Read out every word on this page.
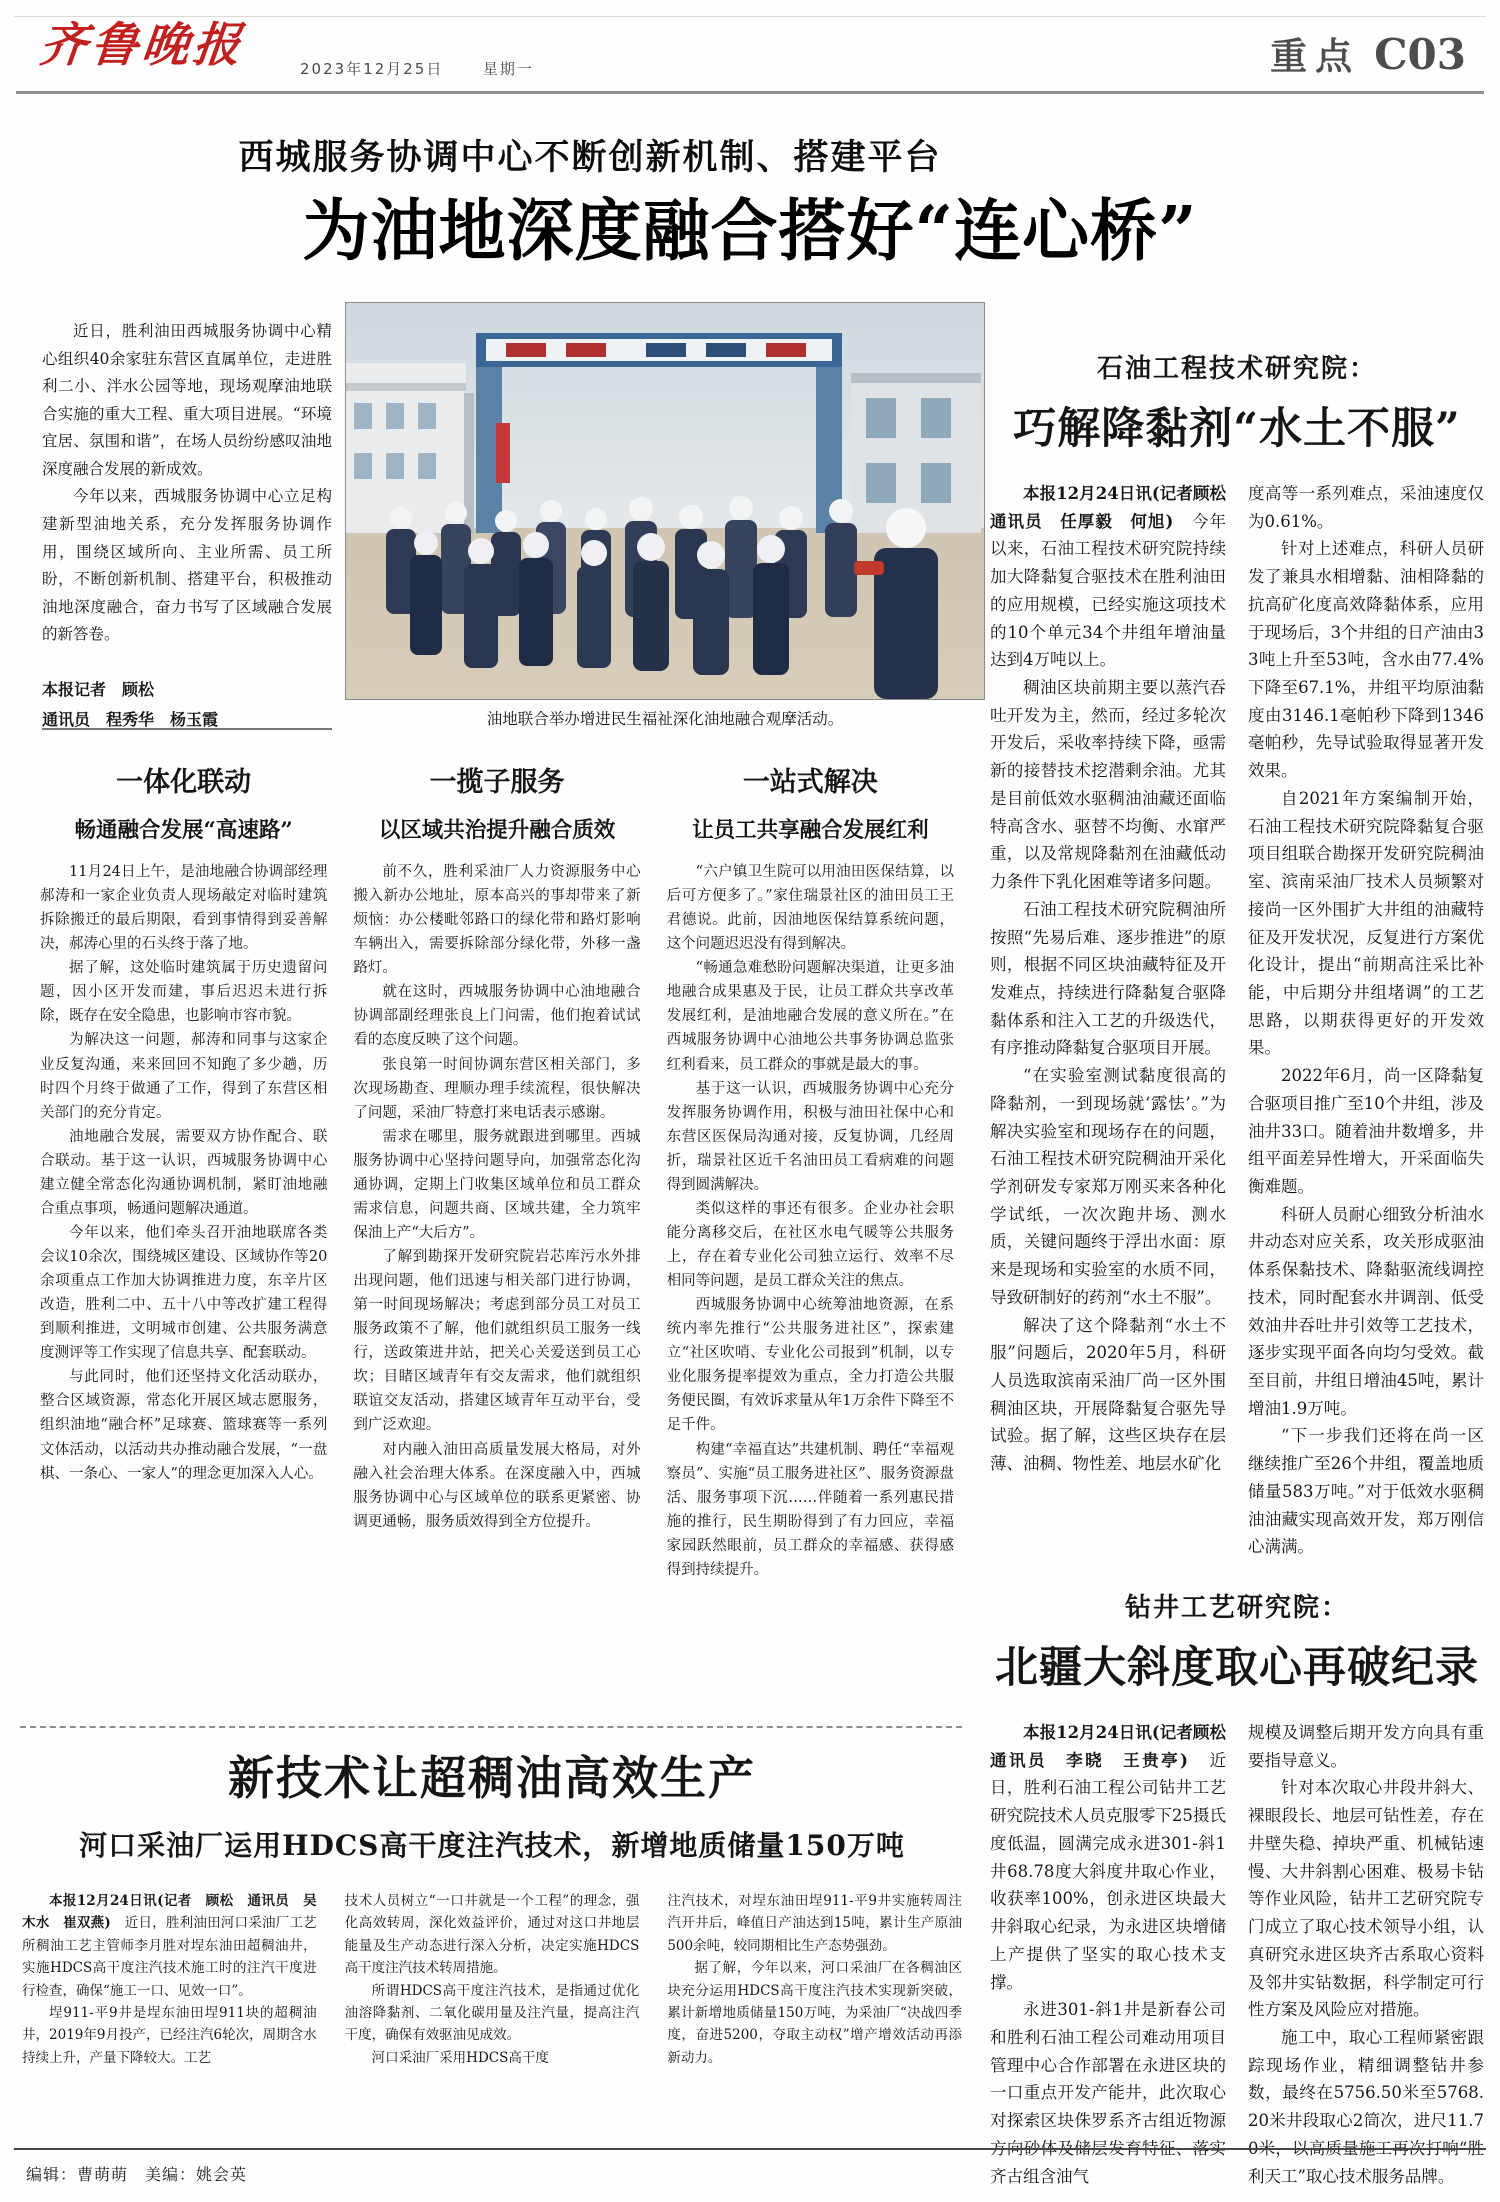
齐鲁晚报	2023年12月25日	星期一	重点 C03
西城服务协调中心不断创新机制、搭建平台
为油地深度融合搭好“连心桥”

近日，胜利油田西城服务协调中心精心组织40余家驻东营区直属单位，走进胜利二小、泮水公园等地，现场观摩油地联合实施的重大工程、重大项目进展。“环境宜居、氛围和谐”，在场人员纷纷感叹油地深度融合发展的新成效。

今年以来，西城服务协调中心立足构建新型油地关系，充分发挥服务协调作用，围绕区域所向、主业所需、员工所盼，不断创新机制、搭建平台，积极推动油地深度融合，奋力书写了区域融合发展的新答卷。

本报记者　顾松
通讯员　程秀华　杨玉霞	油地联合举办增进民生福祉深化油地融合观摩活动。
一体化联动
畅通融合发展“高速路”

11月24日上午，是油地融合协调部经理郝涛和一家企业负责人现场敲定对临时建筑拆除搬迁的最后期限，看到事情得到妥善解决，郝涛心里的石头终于落了地。

据了解，这处临时建筑属于历史遗留问题，因小区开发而建，事后迟迟未进行拆除，既存在安全隐患，也影响市容市貌。

为解决这一问题，郝涛和同事与这家企业反复沟通，来来回回不知跑了多少趟，历时四个月终于做通了工作，得到了东营区相关部门的充分肯定。

油地融合发展，需要双方协作配合、联合联动。基于这一认识，西城服务协调中心建立健全常态化沟通协调机制，紧盯油地融合重点事项，畅通问题解决通道。

今年以来，他们牵头召开油地联席各类会议10余次，围绕城区建设、区域协作等20余项重点工作加大协调推进力度，东辛片区改造，胜利二中、五十八中等改扩建工程得到顺利推进，文明城市创建、公共服务满意度测评等工作实现了信息共享、配套联动。

与此同时，他们还坚持文化活动联办，整合区域资源，常态化开展区域志愿服务，组织油地“融合杯”足球赛、篮球赛等一系列文体活动，以活动共办推动融合发展，“一盘棋、一条心、一家人”的理念更加深入人心。

一揽子服务
以区域共治提升融合质效

前不久，胜利采油厂人力资源服务中心搬入新办公地址，原本高兴的事却带来了新烦恼：办公楼毗邻路口的绿化带和路灯影响车辆出入，需要拆除部分绿化带，外移一盏路灯。

就在这时，西城服务协调中心油地融合协调部副经理张良上门问需，他们抱着试试看的态度反映了这个问题。

张良第一时间协调东营区相关部门，多次现场勘查、理顺办理手续流程，很快解决了问题，采油厂特意打来电话表示感谢。

需求在哪里，服务就跟进到哪里。西城服务协调中心坚持问题导向，加强常态化沟通协调，定期上门收集区域单位和员工群众需求信息，问题共商、区域共建，全力筑牢保油上产“大后方”。

了解到勘探开发研究院岩芯库污水外排出现问题，他们迅速与相关部门进行协调，第一时间现场解决；考虑到部分员工对员工服务政策不了解，他们就组织员工服务一线行，送政策进井站，把关心关爱送到员工心坎；目睹区域青年有交友需求，他们就组织联谊交友活动，搭建区域青年互动平台，受到广泛欢迎。

对内融入油田高质量发展大格局，对外融入社会治理大体系。在深度融入中，西城服务协调中心与区域单位的联系更紧密、协调更通畅，服务质效得到全方位提升。

一站式解决
让员工共享融合发展红利

“六户镇卫生院可以用油田医保结算，以后可方便多了。”家住瑞景社区的油田员工王君德说。此前，因油地医保结算系统问题，这个问题迟迟没有得到解决。

“畅通急难愁盼问题解决渠道，让更多油地融合成果惠及于民，让员工群众共享改革发展红利，是油地融合发展的意义所在。”在西城服务协调中心油地公共事务协调总监张红利看来，员工群众的事就是最大的事。

基于这一认识，西城服务协调中心充分发挥服务协调作用，积极与油田社保中心和东营区医保局沟通对接，反复协调，几经周折，瑞景社区近千名油田员工看病难的问题得到圆满解决。

类似这样的事还有很多。企业办社会职能分离移交后，在社区水电气暖等公共服务上，存在着专业化公司独立运行、效率不尽相同等问题，是员工群众关注的焦点。

西城服务协调中心统筹油地资源，在系统内率先推行“公共服务进社区”，探索建立“社区吹哨、专业化公司报到”机制，以专业化服务提率提效为重点，全力打造公共服务便民圈，有效诉求量从年1万余件下降至不足千件。

构建“幸福直达”共建机制、聘任“幸福观察员”、实施“员工服务进社区”、服务资源盘活、服务事项下沉……伴随着一系列惠民措施的推行，民生期盼得到了有力回应，幸福家园跃然眼前，员工群众的幸福感、获得感得到持续提升。

石油工程技术研究院：
巧解降黏剂“水土不服”

本报12月24日讯(记者顾松　通讯员　任厚毅　何旭)　今年以来，石油工程技术研究院持续加大降黏复合驱技术在胜利油田的应用规模，已经实施这项技术的10个单元34个井组年增油量达到4万吨以上。

稠油区块前期主要以蒸汽吞吐开发为主，然而，经过多轮次开发后，采收率持续下降，亟需新的接替技术挖潜剩余油。尤其是目前低效水驱稠油油藏还面临特高含水、驱替不均衡、水窜严重，以及常规降黏剂在油藏低动力条件下乳化困难等诸多问题。

石油工程技术研究院稠油所按照“先易后难、逐步推进”的原则，根据不同区块油藏特征及开发难点，持续进行降黏复合驱降黏体系和注入工艺的升级迭代，有序推动降黏复合驱项目开展。

“在实验室测试黏度很高的降黏剂，一到现场就‘露怯’。”为解决实验室和现场存在的问题，石油工程技术研究院稠油开采化学剂研发专家郑万刚买来各种化学试纸，一次次跑井场、测水质，关键问题终于浮出水面：原来是现场和实验室的水质不同，导致研制好的药剂“水土不服”。

解决了这个降黏剂“水土不服”问题后，2020年5月，科研人员选取滨南采油厂尚一区外围稠油区块，开展降黏复合驱先导试验。据了解，这些区块存在层薄、油稠、物性差、地层水矿化

度高等一系列难点，采油速度仅为0.61%。

针对上述难点，科研人员研发了兼具水相增黏、油相降黏的抗高矿化度高效降黏体系，应用于现场后，3个井组的日产油由33吨上升至53吨，含水由77.4%下降至67.1%，井组平均原油黏度由3146.1毫帕秒下降到1346毫帕秒，先导试验取得显著开发效果。

自2021年方案编制开始，石油工程技术研究院降黏复合驱项目组联合勘探开发研究院稠油室、滨南采油厂技术人员频繁对接尚一区外围扩大井组的油藏特征及开发状况，反复进行方案优化设计，提出“前期高注采比补能，中后期分井组堵调”的工艺思路，以期获得更好的开发效果。

2022年6月，尚一区降黏复合驱项目推广至10个井组，涉及油井33口。随着油井数增多，井组平面差异性增大，开采面临失衡难题。

科研人员耐心细致分析油水井动态对应关系，攻关形成驱油体系保黏技术、降黏驱流线调控技术，同时配套水井调剖、低受效油井吞吐井引效等工艺技术，逐步实现平面各向均匀受效。截至目前，井组日增油45吨，累计增油1.9万吨。

“下一步我们还将在尚一区继续推广至26个井组，覆盖地质储量583万吨。”对于低效水驱稠油油藏实现高效开发，郑万刚信心满满。

钻井工艺研究院：
北疆大斜度取心再破纪录

本报12月24日讯(记者顾松　通讯员　李晓　王贵亭)　近日，胜利石油工程公司钻井工艺研究院技术人员克服零下25摄氏度低温，圆满完成永进301-斜1井68.78度大斜度井取心作业，收获率100%，创永进区块最大井斜取心纪录，为永进区块增储上产提供了坚实的取心技术支撑。

永进301-斜1井是新春公司和胜利石油工程公司难动用项目管理中心合作部署在永进区块的一口重点开发产能井，此次取心对探索区块侏罗系齐古组近物源方向砂体及储层发育特征、落实齐古组含油气

规模及调整后期开发方向具有重要指导意义。

针对本次取心井段井斜大、裸眼段长、地层可钻性差，存在井壁失稳、掉块严重、机械钻速慢、大井斜割心困难、极易卡钻等作业风险，钻井工艺研究院专门成立了取心技术领导小组，认真研究永进区块齐古系取心资料及邻井实钻数据，科学制定可行性方案及风险应对措施。

施工中，取心工程师紧密跟踪现场作业，精细调整钻井参数，最终在5756.50米至5768.20米井段取心2筒次，进尺11.70米，以高质量施工再次打响“胜利天工”取心技术服务品牌。

新技术让超稠油高效生产
河口采油厂运用HDCS高干度注汽技术，新增地质储量150万吨

本报12月24日讯(记者　顾松　通讯员　吴木水　崔双燕)　近日，胜利油田河口采油厂工艺所稠油工艺主管师李月胜对埕东油田超稠油井，实施HDCS高干度注汽技术施工时的注汽干度进行检查，确保“施工一口、见效一口”。

埕911-平9井是埕东油田埕911块的超稠油井，2019年9月投产，已经注汽6轮次，周期含水持续上升，产量下降较大。工艺

技术人员树立“一口井就是一个工程”的理念，强化高效转周，深化效益评价，通过对这口井地层能量及生产动态进行深入分析，决定实施HDCS高干度注汽技术转周措施。

所谓HDCS高干度注汽技术，是指通过优化油溶降黏剂、二氧化碳用量及注汽量，提高注汽干度，确保有效驱油见成效。

河口采油厂采用HDCS高干度

注汽技术，对埕东油田埕911-平9井实施转周注汽开井后，峰值日产油达到15吨，累计生产原油500余吨，较同期相比生产态势强劲。

据了解，今年以来，河口采油厂在各稠油区块充分运用HDCS高干度注汽技术实现新突破，累计新增地质储量150万吨，为采油厂“决战四季度，奋进5200，夺取主动权”增产增效活动再添新动力。

编辑：曹萌萌　美编：姚会英
